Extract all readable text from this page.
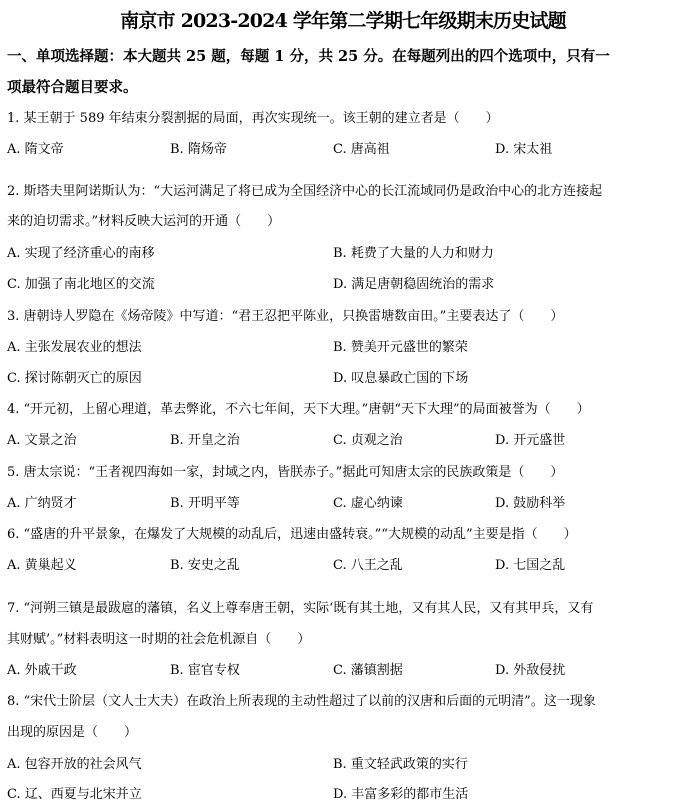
南京市 2023-2024 学年第二学期七年级期末历史试题
一、单项选择题：本大题共 25 题，每题 1 分，共 25 分。在每题列出的四个选项中，只有一
项最符合题目要求。
1. 某王朝于 589 年结束分裂割据的局面，再次实现统一。该王朝的建立者是（　　）
A. 隋文帝	B. 隋炀帝	C. 唐高祖	D. 宋太祖
2. 斯塔夫里阿诺斯认为：“大运河满足了将已成为全国经济中心的长江流域同仍是政治中心的北方连接起
来的迫切需求。”材料反映大运河的开通（　　）
A. 实现了经济重心的南移	B. 耗费了大量的人力和财力
C. 加强了南北地区的交流	D. 满足唐朝稳固统治的需求
3. 唐朝诗人罗隐在《炀帝陵》中写道：“君王忍把平陈业，只换雷塘数亩田。”主要表达了（　　）
A. 主张发展农业的想法	B. 赞美开元盛世的繁荣
C. 探讨陈朝灭亡的原因	D. 叹息暴政亡国的下场
4. “开元初，上留心理道，革去弊讹，不六七年间，天下大理。”唐朝“天下大理”的局面被誉为（　　）
A. 文景之治	B. 开皇之治	C. 贞观之治	D. 开元盛世
5. 唐太宗说：“王者视四海如一家，封域之内，皆朕赤子。”据此可知唐太宗的民族政策是（　　）
A. 广纳贤才	B. 开明平等	C. 虚心纳谏	D. 鼓励科举
6. “盛唐的升平景象，在爆发了大规模的动乱后，迅速由盛转衰。”“大规模的动乱”主要是指（　　）
A. 黄巢起义	B. 安史之乱	C. 八王之乱	D. 七国之乱
7. “河朔三镇是最跋扈的藩镇，名义上尊奉唐王朝，实际‘既有其土地，又有其人民，又有其甲兵，又有
其财赋’。”材料表明这一时期的社会危机源自（　　）
A. 外戚干政	B. 宦官专权	C. 藩镇割据	D. 外敌侵扰
8. “宋代士阶层（文人士大夫）在政治上所表现的主动性超过了以前的汉唐和后面的元明清”。这一现象
出现的原因是（　　）
A. 包容开放的社会风气	B. 重文轻武政策的实行
C. 辽、西夏与北宋并立	D. 丰富多彩的都市生活
